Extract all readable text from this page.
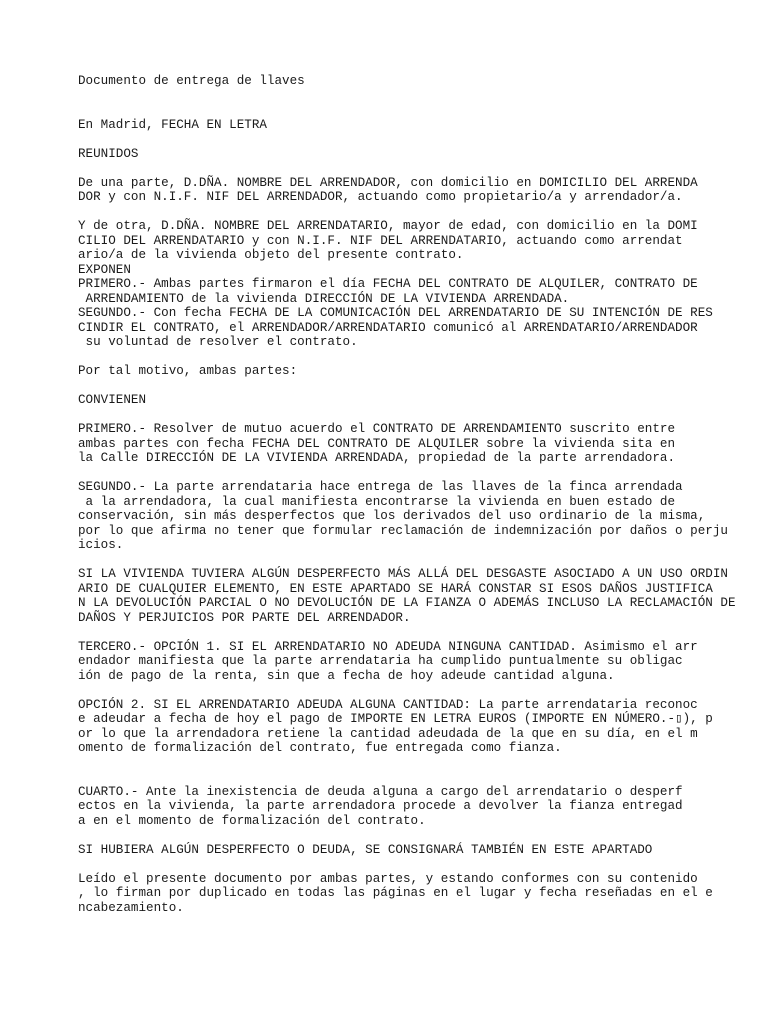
Documento de entrega de llaves
En Madrid, FECHA EN LETRA
REUNIDOS
De una parte, D.DÑA. NOMBRE DEL ARRENDADOR, con domicilio en DOMICILIO DEL ARRENDA
DOR y con N.I.F. NIF DEL ARRENDADOR, actuando como propietario/a y arrendador/a.
Y de otra, D.DÑA. NOMBRE DEL ARRENDATARIO, mayor de edad, con domicilio en la DOMI
CILIO DEL ARRENDATARIO y con N.I.F. NIF DEL ARRENDATARIO, actuando como arrendat
ario/a de la vivienda objeto del presente contrato.
EXPONEN
PRIMERO.- Ambas partes firmaron el día FECHA DEL CONTRATO DE ALQUILER, CONTRATO DE
ARRENDAMIENTO de la vivienda DIRECCIÓN DE LA VIVIENDA ARRENDADA.
SEGUNDO.- Con fecha FECHA DE LA COMUNICACIÓN DEL ARRENDATARIO DE SU INTENCIÓN DE RES
CINDIR EL CONTRATO, el ARRENDADOR/ARRENDATARIO comunicó al ARRENDATARIO/ARRENDADOR
su voluntad de resolver el contrato.
Por tal motivo, ambas partes:
CONVIENEN
PRIMERO.- Resolver de mutuo acuerdo el CONTRATO DE ARRENDAMIENTO suscrito entre
ambas partes con fecha FECHA DEL CONTRATO DE ALQUILER sobre la vivienda sita en
la Calle DIRECCIÓN DE LA VIVIENDA ARRENDADA, propiedad de la parte arrendadora.
SEGUNDO.- La parte arrendataria hace entrega de las llaves de la finca arrendada
a la arrendadora, la cual manifiesta encontrarse la vivienda en buen estado de
conservación, sin más desperfectos que los derivados del uso ordinario de la misma,
por lo que afirma no tener que formular reclamación de indemnización por daños o perju
icios.
SI LA VIVIENDA TUVIERA ALGÚN DESPERFECTO MÁS ALLÁ DEL DESGASTE ASOCIADO A UN USO ORDIN
ARIO DE CUALQUIER ELEMENTO, EN ESTE APARTADO SE HARÁ CONSTAR SI ESOS DAÑOS JUSTIFICA
N LA DEVOLUCIÓN PARCIAL O NO DEVOLUCIÓN DE LA FIANZA O ADEMÁS INCLUSO LA RECLAMACIÓN DE
DAÑOS Y PERJUICIOS POR PARTE DEL ARRENDADOR.
TERCERO.- OPCIÓN 1. SI EL ARRENDATARIO NO ADEUDA NINGUNA CANTIDAD. Asimismo el arr
endador manifiesta que la parte arrendataria ha cumplido puntualmente su obligac
ión de pago de la renta, sin que a fecha de hoy adeude cantidad alguna.
OPCIÓN 2. SI EL ARRENDATARIO ADEUDA ALGUNA CANTIDAD: La parte arrendataria reconoc
e adeudar a fecha de hoy el pago de IMPORTE EN LETRA EUROS (IMPORTE EN NÚMERO.-▯), p
or lo que la arrendadora retiene la cantidad adeudada de la que en su día, en el m
omento de formalización del contrato, fue entregada como fianza.
CUARTO.- Ante la inexistencia de deuda alguna a cargo del arrendatario o desperf
ectos en la vivienda, la parte arrendadora procede a devolver la fianza entregad
a en el momento de formalización del contrato.
SI HUBIERA ALGÚN DESPERFECTO O DEUDA, SE CONSIGNARÁ TAMBIÉN EN ESTE APARTADO
Leído el presente documento por ambas partes, y estando conformes con su contenido
, lo firman por duplicado en todas las páginas en el lugar y fecha reseñadas en el e
ncabezamiento.
